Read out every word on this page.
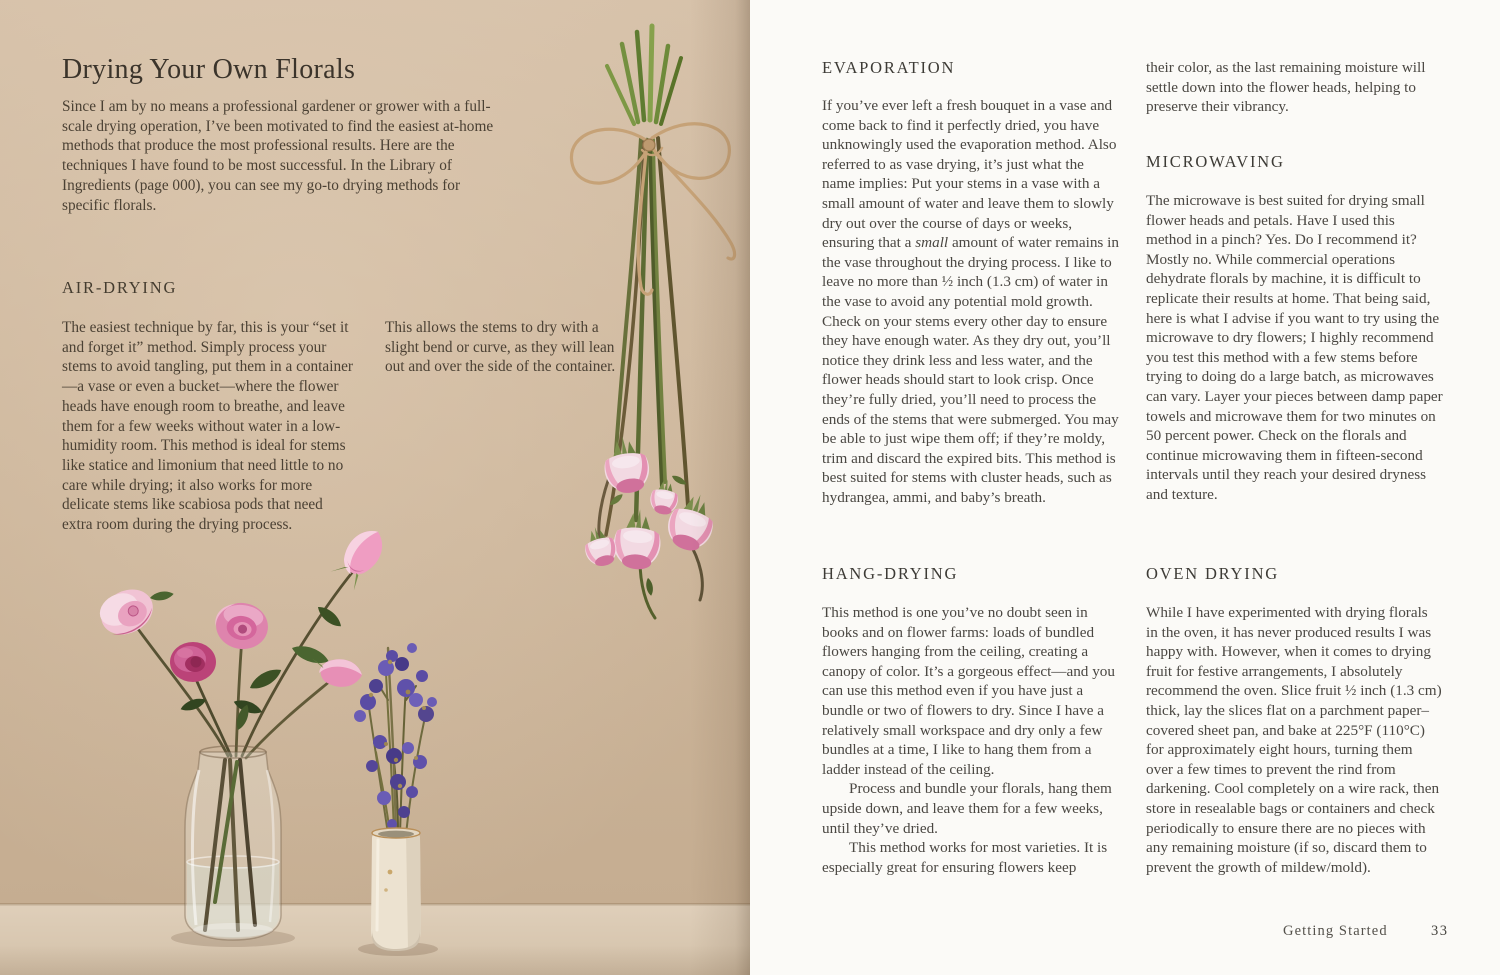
Drying Your Own Florals

Since I am by no means a professional gardener or grower with a full-scale drying operation, I’ve been motivated to find the easiest at-home methods that produce the most professional results. Here are the techniques I have found to be most successful. In the Library of Ingredients (page 000), you can see my go-to drying methods for specific florals.

AIR-DRYING

The easiest technique by far, this is your “set it and forget it” method. Simply process your stems to avoid tangling, put them in a container—a vase or even a bucket—where the flower heads have enough room to breathe, and leave them for a few weeks without water in a low-humidity room. This method is ideal for stems like statice and limonium that need little to no care while drying; it also works for more delicate stems like scabiosa pods that need extra room during the drying process.

This allows the stems to dry with a slight bend or curve, as they will lean out and over the side of the container.

EVAPORATION

If you’ve ever left a fresh bouquet in a vase and come back to find it perfectly dried, you have unknowingly used the evaporation method. Also referred to as vase drying, it’s just what the name implies: Put your stems in a vase with a small amount of water and leave them to slowly dry out over the course of days or weeks, ensuring that a small amount of water remains in the vase throughout the drying process. I like to leave no more than ½ inch (1.3 cm) of water in the vase to avoid any potential mold growth. Check on your stems every other day to ensure they have enough water. As they dry out, you’ll notice they drink less and less water, and the flower heads should start to look crisp. Once they’re fully dried, you’ll need to process the ends of the stems that were submerged. You may be able to just wipe them off; if they’re moldy, trim and discard the expired bits. This method is best suited for stems with cluster heads, such as hydrangea, ammi, and baby’s breath.

HANG-DRYING

This method is one you’ve no doubt seen in books and on flower farms: loads of bundled flowers hanging from the ceiling, creating a canopy of color. It’s a gorgeous effect—and you can use this method even if you have just a bundle or two of flowers to dry. Since I have a relatively small workspace and dry only a few bundles at a time, I like to hang them from a ladder instead of the ceiling.

Process and bundle your florals, hang them upside down, and leave them for a few weeks, until they’ve dried.

This method works for most varieties. It is especially great for ensuring flowers keep

their color, as the last remaining moisture will settle down into the flower heads, helping to preserve their vibrancy.

MICROWAVING

The microwave is best suited for drying small flower heads and petals. Have I used this method in a pinch? Yes. Do I recommend it? Mostly no. While commercial operations dehydrate florals by machine, it is difficult to replicate their results at home. That being said, here is what I advise if you want to try using the microwave to dry flowers; I highly recommend you test this method with a few stems before trying to doing do a large batch, as microwaves can vary. Layer your pieces between damp paper towels and microwave them for two minutes on 50 percent power. Check on the florals and continue microwaving them in fifteen-second intervals until they reach your desired dryness and texture.

OVEN DRYING

While I have experimented with drying florals in the oven, it has never produced results I was happy with. However, when it comes to drying fruit for festive arrangements, I absolutely recommend the oven. Slice fruit ½ inch (1.3 cm) thick, lay the slices flat on a parchment paper–covered sheet pan, and bake at 225°F (110°C) for approximately eight hours, turning them over a few times to prevent the rind from darkening. Cool completely on a wire rack, then store in resealable bags or containers and check periodically to ensure there are no pieces with any remaining moisture (if so, discard them to prevent the growth of mildew/mold).

Getting Started	33
